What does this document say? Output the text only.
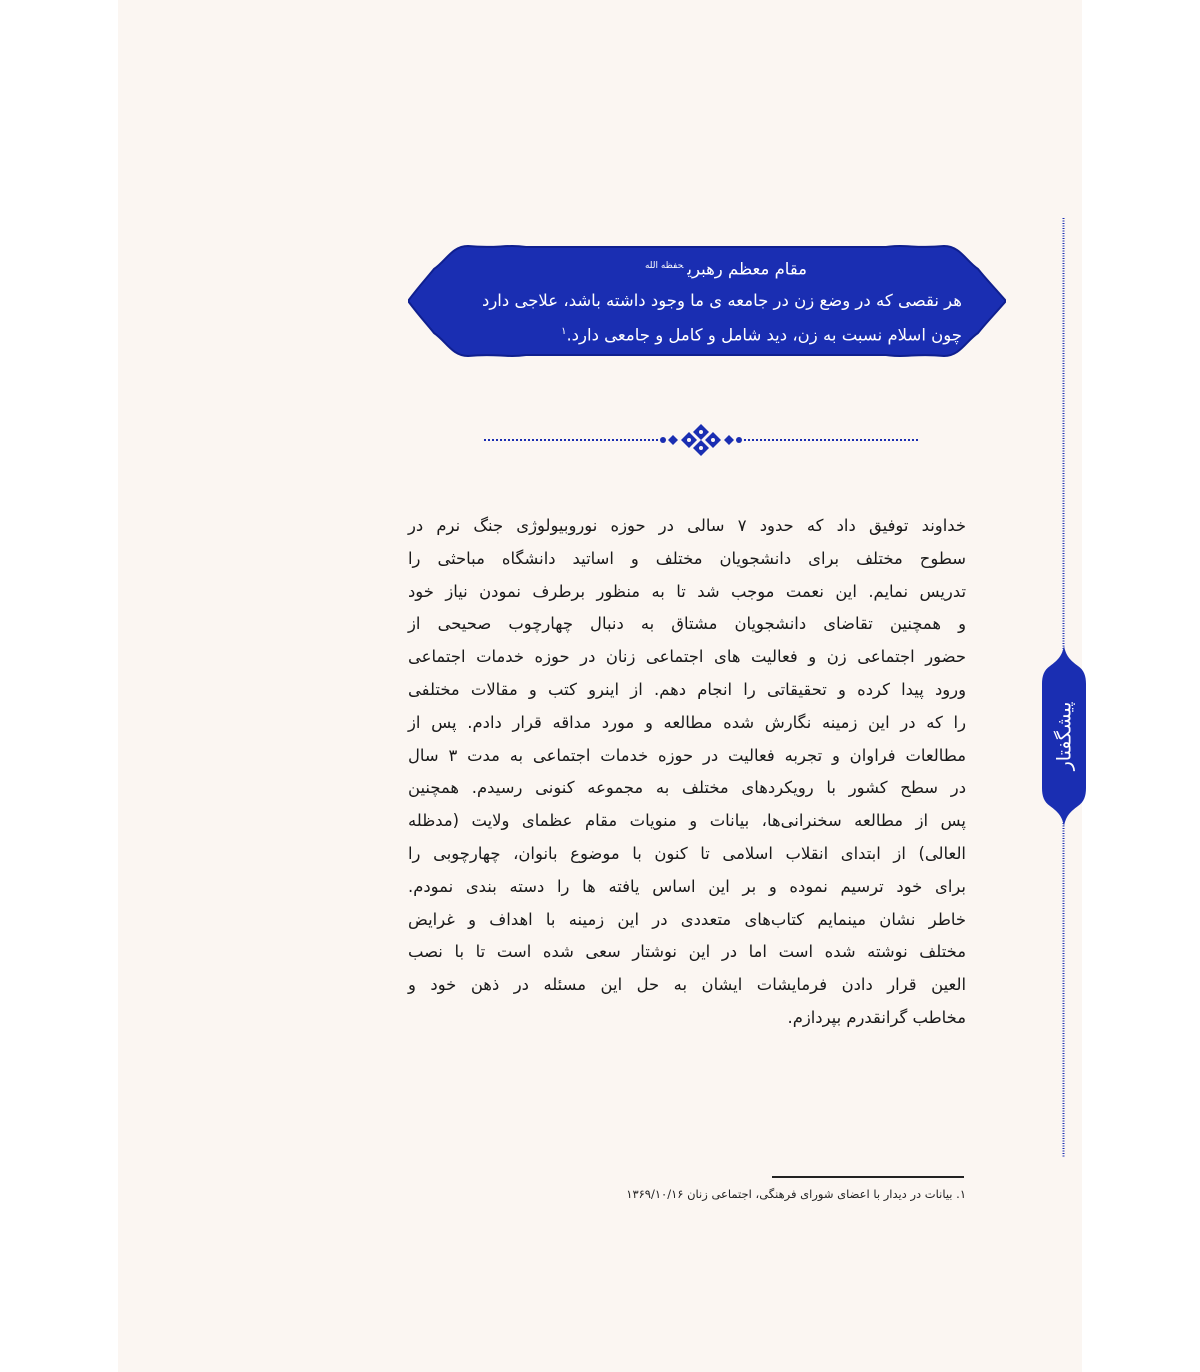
مقام معظم رهبری$^{حفظه الله}$
هر نقصی که در وضع زن در جامعه ی ما وجود داشته باشد، علاجی دارد
چون اسلام نسبت به زن، دید شامل و کامل و جامعی دارد.$^۱$
پیشگفتار
خداوند توفیق داد که حدود ۷ سالی در حوزه نوروبیولوژی جنگ نرم در
سطوح مختلف برای دانشجویان مختلف و اساتید دانشگاه مباحثی را
تدریس نمایم. این نعمت موجب شد تا به منظور برطرف نمودن نیاز خود
و همچنین تقاضای دانشجویان مشتاق به دنبال چهارچوب صحیحی از
حضور اجتماعی زن و فعالیت های اجتماعی زنان در حوزه خدمات اجتماعی
ورود پیدا کرده و تحقیقاتی را انجام دهم. از اینرو کتب و مقالات مختلفی
را که در این زمینه نگارش شده مطالعه و مورد مداقه قرار دادم. پس از
مطالعات فراوان و تجربه فعالیت در حوزه خدمات اجتماعی به مدت ۳ سال
در سطح کشور با رویکردهای مختلف به مجموعه کنونی رسیدم. همچنین
پس از مطالعه سخنرانی‌ها، بیانات و منویات مقام عظمای ولایت (مدظله
العالی) از ابتدای انقلاب اسلامی تا کنون با موضوع بانوان، چهارچوبی را
برای خود ترسیم نموده و بر این اساس یافته ها را دسته بندی نمودم.
خاطر نشان مینمایم کتاب‌های متعددی در این زمینه با اهداف و غرایض
مختلف نوشته شده است اما در این نوشتار سعی شده است تا با نصب
العین قرار دادن فرمایشات ایشان به حل این مسئله در ذهن خود و
مخاطب گرانقدرم بپردازم.
۱. بیانات در دیدار با اعضای شورای فرهنگی، اجتماعی زنان ۱۳۶۹/۱۰/۱۶
